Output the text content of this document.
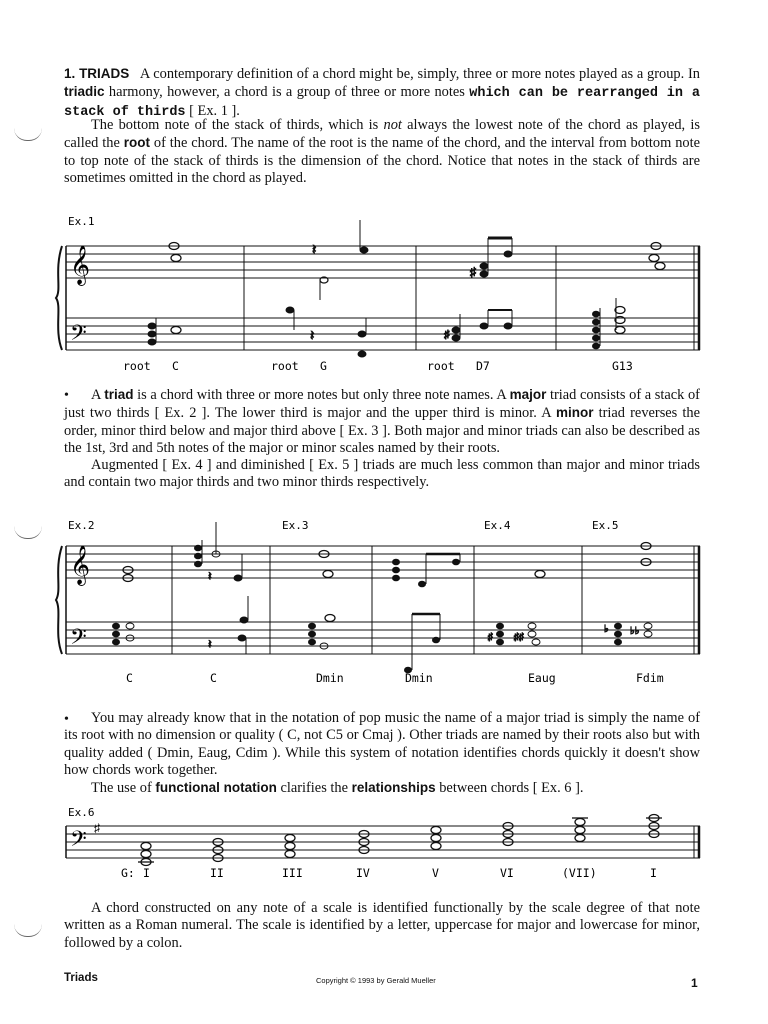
1. TRIADS A contemporary definition of a chord might be, simply, three or more notes played as a group. In triadic harmony, however, a chord is a group of three or more notes which can be rearranged in a stack of thirds [ Ex. 1 ].

The bottom note of the stack of thirds, which is not always the lowest note of the chord as played, is called the root of the chord. The name of the root is the name of the chord, and the interval from bottom note to top note of the stack of thirds is the dimension of the chord. Notice that notes in the stack of thirds are sometimes omitted in the chord as played.

Ex.1
𝄞
𝄢
𝄽
𝄽
♯
♯
root C	root G	root D7	G13
•	A triad is a chord with three or more notes but only three note names. A major triad consists of a stack of just two thirds [ Ex. 2 ]. The lower third is major and the upper third is minor. A minor triad reverses the order, minor third below and major third above [ Ex. 3 ]. Both major and minor triads can also be described as the 1st, 3rd and 5th notes of the major or minor scales named by their roots.
Augmented [ Ex. 4 ] and diminished [ Ex. 5 ] triads are much less common than major and minor triads and contain two major thirds and two minor thirds respectively.

Ex.2	Ex.3	Ex.4	Ex.5
𝄞
𝄢
𝄽
𝄽	♯ ♯♯
♭ ♭♭
C	C	Dmin	Dmin	Eaug	Fdim
•	You may already know that in the notation of pop music the name of a major triad is simply the name of its root with no dimension or quality ( C, not C5 or Cmaj ). Other triads are named by their roots also but with quality added ( Dmin, Eaug, Cdim ). While this system of notation identifies chords quickly it doesn't show how chords work together.
The use of functional notation clarifies the relationships between chords [ Ex. 6 ].

Ex.6
𝄢 ♯
G: I	II	III	IV	V	VI	(VII)	I

A chord constructed on any note of a scale is identified functionally by the scale degree of that note written as a Roman numeral. The scale is identified by a letter, uppercase for major and lowercase for minor, followed by a colon.

Triads	Copyright © 1993 by Gerald Mueller	1
